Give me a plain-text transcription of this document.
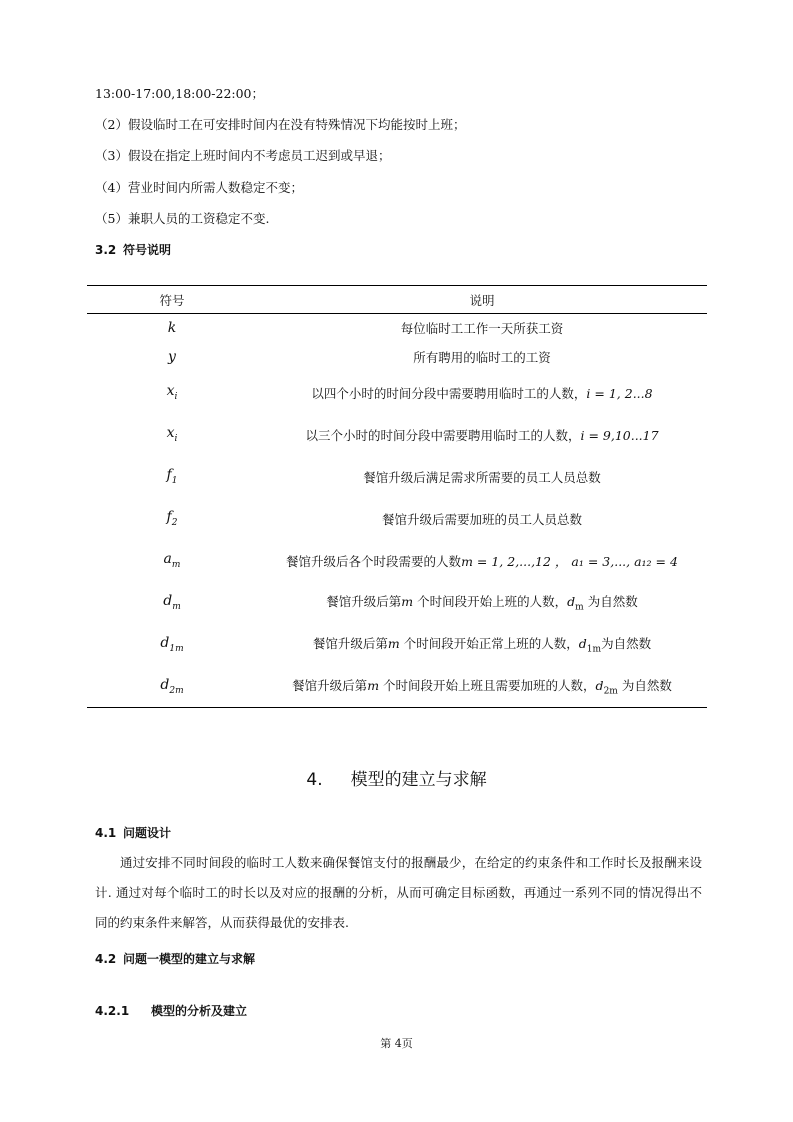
13:00-17:00,18:00-22:00；
（2）假设临时工在可安排时间内在没有特殊情况下均能按时上班；
（3）假设在指定上班时间内不考虑员工迟到或早退；
（4）营业时间内所需人数稳定不变；
（5）兼职人员的工资稳定不变.
3.2 符号说明
符号	说明
k	每位临时工工作一天所获工资
y	所有聘用的临时工的工资
$x_i$	以四个小时的时间分段中需要聘用临时工的人数，i = 1, 2...8
$x_i$	以三个小时的时间分段中需要聘用临时工的人数，i = 9,10...17
$f_1$	餐馆升级后满足需求所需要的员工人员总数
$f_2$	餐馆升级后需要加班的员工人员总数
$a_m$	餐馆升级后各个时段需要的人数m = 1, 2,...,12 ， a₁ = 3,..., a₁₂ = 4
$d_m$	餐馆升级后第m 个时间段开始上班的人数，$d_m$ 为自然数
$d_{1m}$	餐馆升级后第m 个时间段开始正常上班的人数，$d_{1m}$为自然数
$d_{2m}$	餐馆升级后第m 个时间段开始上班且需要加班的人数，$d_{2m}$ 为自然数
4. 模型的建立与求解
4.1 问题设计
通过安排不同时间段的临时工人数来确保餐馆支付的报酬最少，在给定的约束条件和工作时长及报酬来设计. 通过对每个临时工的时长以及对应的报酬的分析，从而可确定目标函数，再通过一系列不同的情况得出不同的约束条件来解答，从而获得最优的安排表.
4.2 问题一模型的建立与求解
4.2.1 模型的分析及建立
第 4页
